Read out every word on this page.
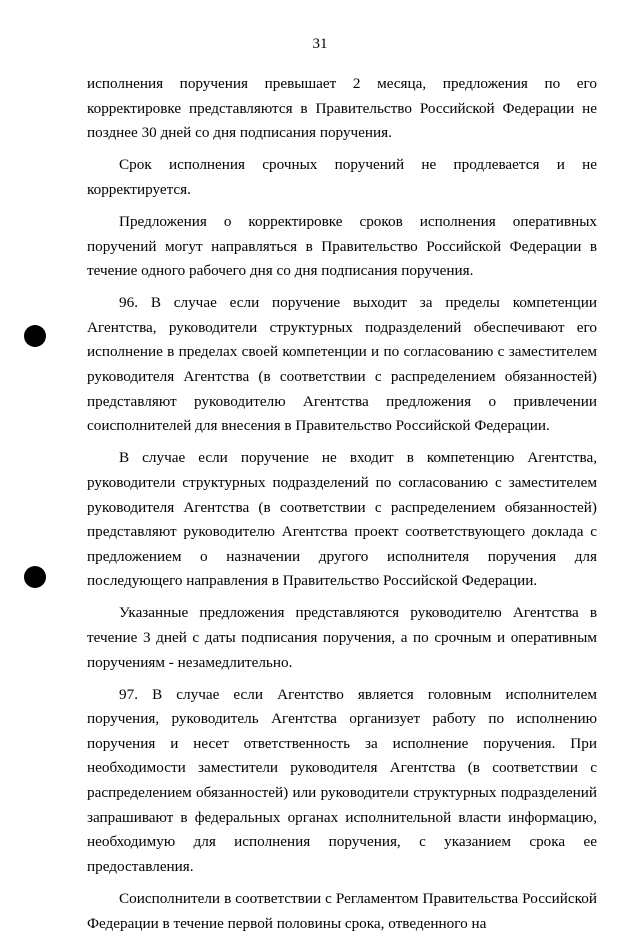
31

исполнения поручения превышает 2 месяца, предложения по его корректировке представляются в Правительство Российской Федерации не позднее 30 дней со дня подписания поручения.

Срок исполнения срочных поручений не продлевается и не корректируется.

Предложения о корректировке сроков исполнения оперативных поручений могут направляться в Правительство Российской Федерации в течение одного рабочего дня со дня подписания поручения.

96. В случае если поручение выходит за пределы компетенции Агентства, руководители структурных подразделений обеспечивают его исполнение в пределах своей компетенции и по согласованию с заместителем руководителя Агентства (в соответствии с распределением обязанностей) представляют руководителю Агентства предложения о привлечении соисполнителей для внесения в Правительство Российской Федерации.

В случае если поручение не входит в компетенцию Агентства, руководители структурных подразделений по согласованию с заместителем руководителя Агентства (в соответствии с распределением обязанностей) представляют руководителю Агентства проект соответствующего доклада с предложением о назначении другого исполнителя поручения для последующего направления в Правительство Российской Федерации.

Указанные предложения представляются руководителю Агентства в течение 3 дней с даты подписания поручения, а по срочным и оперативным поручениям - незамедлительно.

97. В случае если Агентство является головным исполнителем поручения, руководитель Агентства организует работу по исполнению поручения и несет ответственность за исполнение поручения. При необходимости заместители руководителя Агентства (в соответствии с распределением обязанностей) или руководители структурных подразделений запрашивают в федеральных органах исполнительной власти информацию, необходимую для исполнения поручения, с указанием срока ее предоставления.

Соисполнители в соответствии с Регламентом Правительства Российской Федерации в течение первой половины срока, отведенного на
